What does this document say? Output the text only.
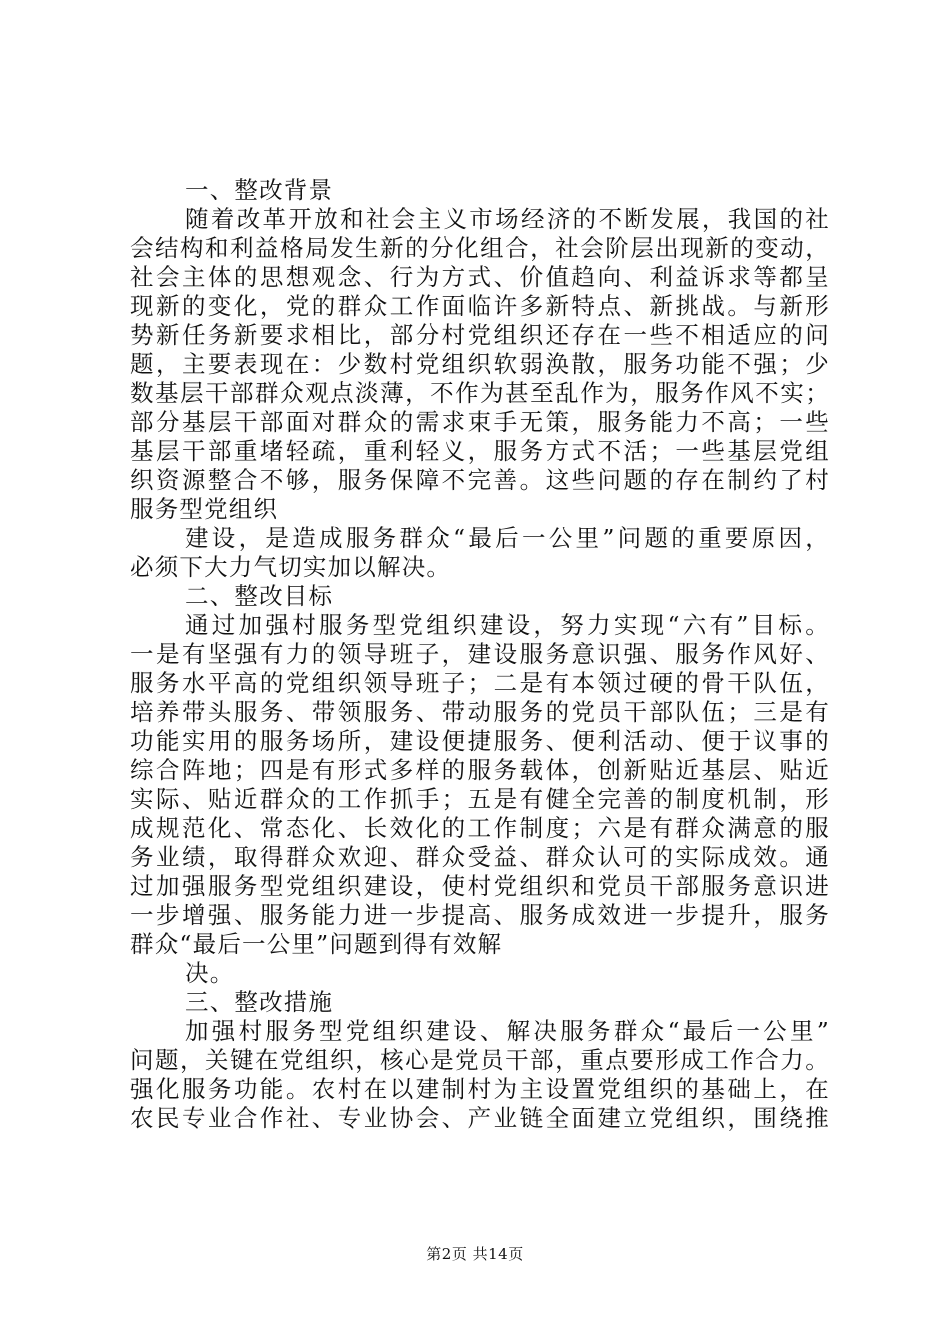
一、整改背景
随着改革开放和社会主义市场经济的不断发展，我国的社
会结构和利益格局发生新的分化组合，社会阶层出现新的变动，
社会主体的思想观念、行为方式、价值趋向、利益诉求等都呈
现新的变化，党的群众工作面临许多新特点、新挑战。与新形
势新任务新要求相比，部分村党组织还存在一些不相适应的问
题，主要表现在：少数村党组织软弱涣散，服务功能不强；少
数基层干部群众观点淡薄，不作为甚至乱作为，服务作风不实；
部分基层干部面对群众的需求束手无策，服务能力不高；一些
基层干部重堵轻疏，重利轻义，服务方式不活；一些基层党组
织资源整合不够，服务保障不完善。这些问题的存在制约了村
服务型党组织
建设，是造成服务群众“最后一公里”问题的重要原因，
必须下大力气切实加以解决。
二、整改目标
通过加强村服务型党组织建设，努力实现“六有”目标。
一是有坚强有力的领导班子，建设服务意识强、服务作风好、
服务水平高的党组织领导班子；二是有本领过硬的骨干队伍，
培养带头服务、带领服务、带动服务的党员干部队伍；三是有
功能实用的服务场所，建设便捷服务、便利活动、便于议事的
综合阵地；四是有形式多样的服务载体，创新贴近基层、贴近
实际、贴近群众的工作抓手；五是有健全完善的制度机制，形
成规范化、常态化、长效化的工作制度；六是有群众满意的服
务业绩，取得群众欢迎、群众受益、群众认可的实际成效。通
过加强服务型党组织建设，使村党组织和党员干部服务意识进
一步增强、服务能力进一步提高、服务成效进一步提升，服务
群众“最后一公里”问题到得有效解
决。
三、整改措施
加强村服务型党组织建设、解决服务群众“最后一公里”
问题，关键在党组织，核心是党员干部，重点要形成工作合力。
强化服务功能。农村在以建制村为主设置党组织的基础上，在
农民专业合作社、专业协会、产业链全面建立党组织，围绕推
第2页 共14页
